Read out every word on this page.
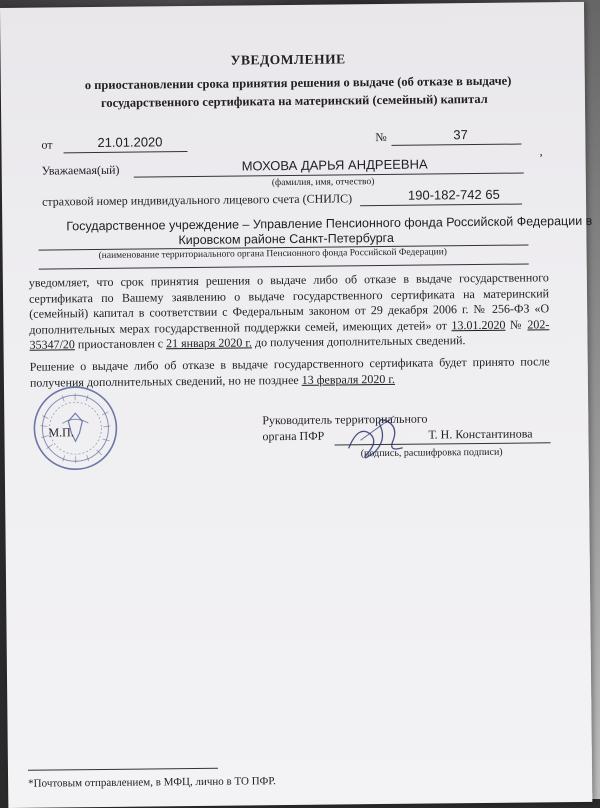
УВЕДОМЛЕНИЕ
о приостановлении срока принятия решения о выдаче (об отказе в выдаче)
государственного сертификата на материнский (семейный) капитал
от	21.01.2020	№	37
Уважаемая(ый)	МОХОВА ДАРЬЯ АНДРЕЕВНА
(фамилия, имя, отчество)
,
страховой номер индивидуального лицевого счета (СНИЛС)	190-182-742 65
Государственное учреждение – Управление Пенсионного фонда Российской Федерации в
Кировском районе Санкт-Петербурга
(наименование территориального органа Пенсионного фонда Российской Федерации)
уведомляет, что срок принятия решения о выдаче либо об отказе в выдаче государственного сертификата по Вашему заявлению о выдаче государственного сертификата на материнский (семейный) капитал в соответствии с Федеральным законом от 29 декабря 2006 г. № 256-ФЗ «О дополнительных мерах государственной поддержки семей, имеющих детей» от 13.01.2020 № 202-35347/20 приостановлен с 21 января 2020 г. до получения дополнительных сведений.
Решение о выдаче либо об отказе в выдаче государственного сертификата будет принято после получения дополнительных сведений, но не позднее 13 февраля 2020 г.
М.П.
Руководитель территориального
органа ПФР	Т. Н. Константинова
(подпись, расшифровка подписи)
*Почтовым отправлением, в МФЦ, лично в ТО ПФР.
